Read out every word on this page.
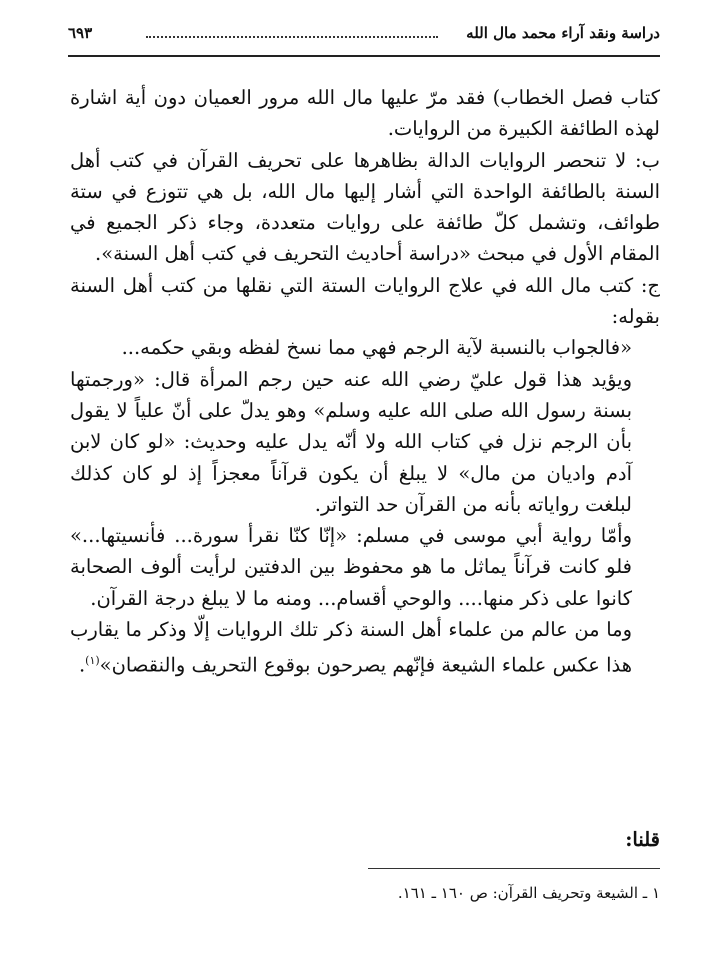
دراسة ونقد آراء محمد مال الله
٦٩٣

كتاب فصل الخطاب) فقد مرّ عليها مال الله مرور العميان دون أية اشارة لهذه الطائفة الكبيرة من الروايات.

ب: لا تنحصر الروايات الدالة بظاهرها على تحريف القرآن في كتب أهل السنة بالطائفة الواحدة التي أشار إليها مال الله، بل هي تتوزع في ستة طوائف، وتشمل كلّ طائفة على روايات متعددة، وجاء ذكر الجميع في المقام الأول في مبحث «دراسة أحاديث التحريف في كتب أهل السنة».

ج: كتب مال الله في علاج الروايات الستة التي نقلها من كتب أهل السنة بقوله:

«فالجواب بالنسبة لآية الرجم فهي مما نسخ لفظه وبقي حكمه...

ويؤيد هذا قول عليّ رضي الله عنه حين رجم المرأة قال: «ورجمتها بسنة رسول الله صلى الله عليه وسلم» وهو يدلّ على أنّ علياً لا يقول بأن الرجم نزل في كتاب الله ولا أنّه يدل عليه وحديث: «لو كان لابن آدم واديان من مال» لا يبلغ أن يكون قرآناً معجزاً إذ لو كان كذلك لبلغت رواياته بأنه من القرآن حد التواتر.

وأمّا رواية أبي موسى في مسلم: «إنّا كنّا نقرأ سورة... فأنسيتها...» فلو كانت قرآناً يماثل ما هو محفوظ بين الدفتين لرأيت ألوف الصحابة كانوا على ذكر منها.... والوحي أقسام... ومنه ما لا يبلغ درجة القرآن.

وما من عالم من علماء أهل السنة ذكر تلك الروايات إلّا وذكر ما يقارب هذا عكس علماء الشيعة فإنّهم يصرحون بوقوع التحريف والنقصان»$^{(١)}$.

قلنا:
١ ـ الشيعة وتحريف القرآن: ص ١٦٠ ـ ١٦١.
